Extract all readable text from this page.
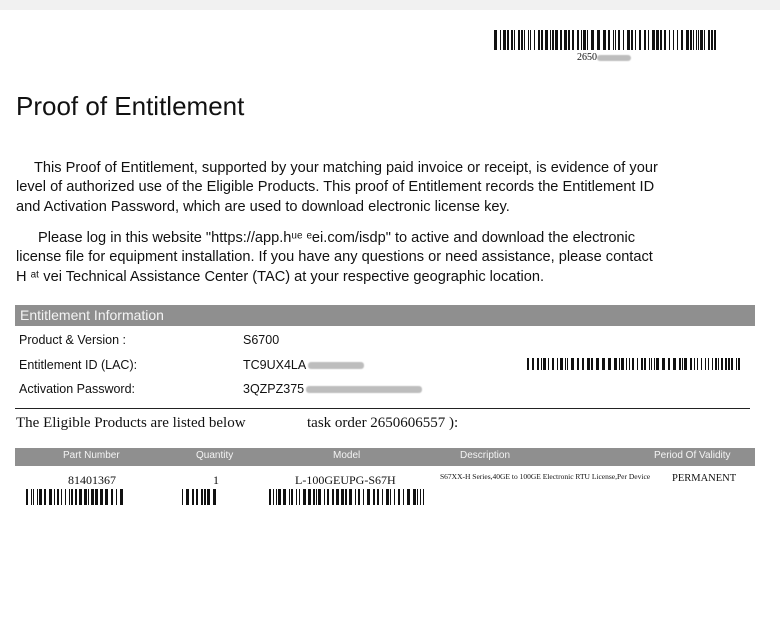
2650
Proof of Entitlement

This Proof of Entitlement, supported by your matching paid invoice or receipt, is evidence of your
level of authorized use of the Eligible Products. This proof of Entitlement records the Entitlement ID
and Activation Password, which are used to download electronic license key.

Please log in this website "https://app.hᵘᵉ ᵉei.com/isdp" to active and download the electronic
license file for equipment installation. If you have any questions or need assistance, please contact
H ᵃᵗ vei Technical Assistance Center (TAC) at your respective geographic location.

Entitlement Information
Product & Version :	S6700
Entitlement ID (LAC):	TC9UX4LA
Activation Password:	3QZPZ375
The Eligible Products are listed below	task order 2650606557 ):
Part Number	Quantity	Model	Description	Period Of Validity
81401367	1	L-100GEUPG-S67H	S67XX-H Series,40GE to 100GE Electronic RTU License,Per Device	PERMANENT
